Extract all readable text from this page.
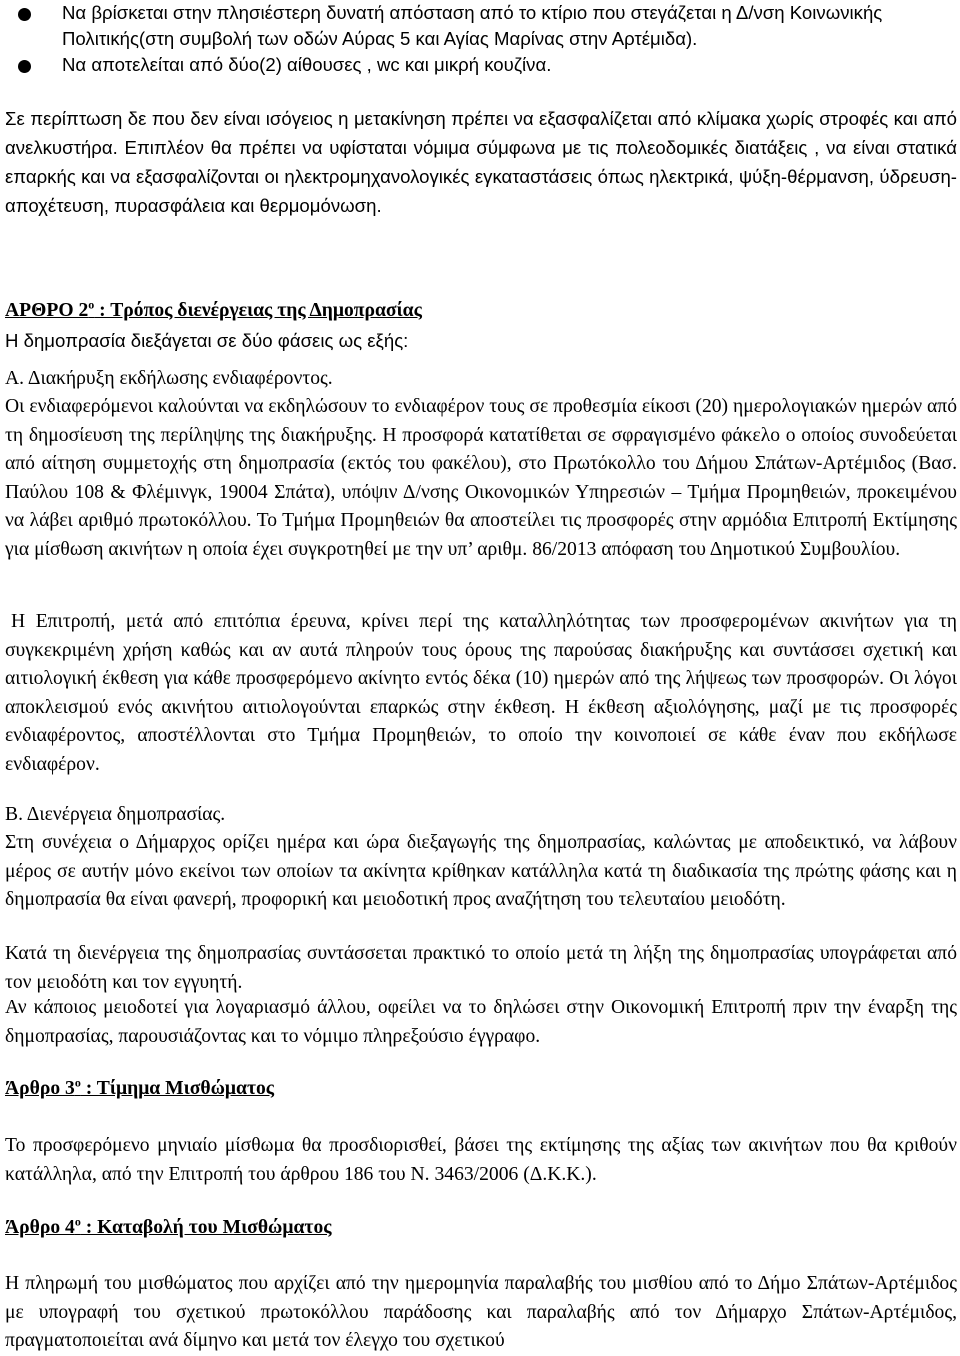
Να βρίσκεται στην πλησιέστερη δυνατή απόσταση από το κτίριο που στεγάζεται η Δ/νση Κοινωνικής Πολιτικής(στη συμβολή των οδών Αύρας 5 και Αγίας Μαρίνας στην Αρτέμιδα).

Να αποτελείται από δύο(2) αίθουσες , wc και μικρή κουζίνα.

Σε περίπτωση δε που δεν είναι ισόγειος η μετακίνηση πρέπει να εξασφαλίζεται από κλίμακα χωρίς στροφές και από ανελκυστήρα. Επιπλέον θα πρέπει να υφίσταται νόμιμα σύμφωνα με τις πολεοδομικές διατάξεις , να είναι στατικά επαρκής και να εξασφαλίζονται οι ηλεκτρομηχανολογικές εγκαταστάσεις όπως ηλεκτρικά, ψύξη-θέρμανση, ύδρευση-αποχέτευση, πυρασφάλεια και θερμομόνωση.

ΑΡΘΡΟ $2^o$ : Τρόπος διενέργειας της Δημοπρασίας

Η δημοπρασία διεξάγεται σε δύο φάσεις ως εξής:

Α. Διακήρυξη εκδήλωσης ενδιαφέροντος.

Οι ενδιαφερόμενοι καλούνται να εκδηλώσουν το ενδιαφέρον τους σε προθεσμία είκοσι (20) ημερολογιακών ημερών από τη δημοσίευση της περίληψης της διακήρυξης. Η προσφορά κατατίθεται σε σφραγισμένο φάκελο ο οποίος συνοδεύεται από αίτηση συμμετοχής στη δημοπρασία (εκτός του φακέλου), στο Πρωτόκολλο του Δήμου Σπάτων-Αρτέμιδος (Βασ. Παύλου 108 & Φλέμινγκ, 19004 Σπάτα), υπόψιν Δ/νσης Οικονομικών Υπηρεσιών – Τμήμα Προμηθειών, προκειμένου να λάβει αριθμό πρωτοκόλλου. Το Τμήμα Προμηθειών θα αποστείλει τις προσφορές στην αρμόδια Επιτροπή Εκτίμησης για μίσθωση ακινήτων η οποία έχει συγκροτηθεί με την υπ’ αριθμ. 86/2013 απόφαση του Δημοτικού Συμβουλίου.

Η Επιτροπή, μετά από επιτόπια έρευνα, κρίνει περί της καταλληλότητας των προσφερομένων ακινήτων για τη συγκεκριμένη χρήση καθώς και αν αυτά πληρούν τους όρους της παρούσας διακήρυξης και συντάσσει σχετική και αιτιολογική έκθεση για κάθε προσφερόμενο ακίνητο εντός δέκα (10) ημερών από της λήψεως των προσφορών. Οι λόγοι αποκλεισμού ενός ακινήτου αιτιολογούνται επαρκώς στην έκθεση. Η έκθεση αξιολόγησης, μαζί με τις προσφορές ενδιαφέροντος, αποστέλλονται στο Τμήμα Προμηθειών, το οποίο την κοινοποιεί σε κάθε έναν που εκδήλωσε ενδιαφέρον.

Β. Διενέργεια δημοπρασίας.

Στη συνέχεια ο Δήμαρχος ορίζει ημέρα και ώρα διεξαγωγής της δημοπρασίας, καλώντας με αποδεικτικό, να λάβουν μέρος σε αυτήν μόνο εκείνοι των οποίων τα ακίνητα κρίθηκαν κατάλληλα κατά τη διαδικασία της πρώτης φάσης και η δημοπρασία θα είναι φανερή, προφορική και μειοδοτική προς αναζήτηση του τελευταίου μειοδότη.

Κατά τη διενέργεια της δημοπρασίας συντάσσεται πρακτικό το οποίο μετά τη λήξη της δημοπρασίας υπογράφεται από τον μειοδότη και τον εγγυητή.

Αν κάποιος μειοδοτεί για λογαριασμό άλλου, οφείλει να το δηλώσει στην Οικονομική Επιτροπή πριν την έναρξη της δημοπρασίας, παρουσιάζοντας και το νόμιμο πληρεξούσιο έγγραφο.

Άρθρο $3^o$ : Τίμημα Μισθώματος

Το προσφερόμενο μηνιαίο μίσθωμα θα προσδιορισθεί, βάσει της εκτίμησης της αξίας των ακινήτων που θα κριθούν κατάλληλα, από την Επιτροπή του άρθρου 186 του Ν. 3463/2006 (Δ.Κ.Κ.).

Άρθρο $4^o$ : Καταβολή του Μισθώματος

Η πληρωμή του μισθώματος που αρχίζει από την ημερομηνία παραλαβής του μισθίου από το Δήμο Σπάτων-Αρτέμιδος με υπογραφή του σχετικού πρωτοκόλλου παράδοσης και παραλαβής από τον Δήμαρχο Σπάτων-Αρτέμιδος, πραγματοποιείται ανά δίμηνο και μετά τον έλεγχο του σχετικού
